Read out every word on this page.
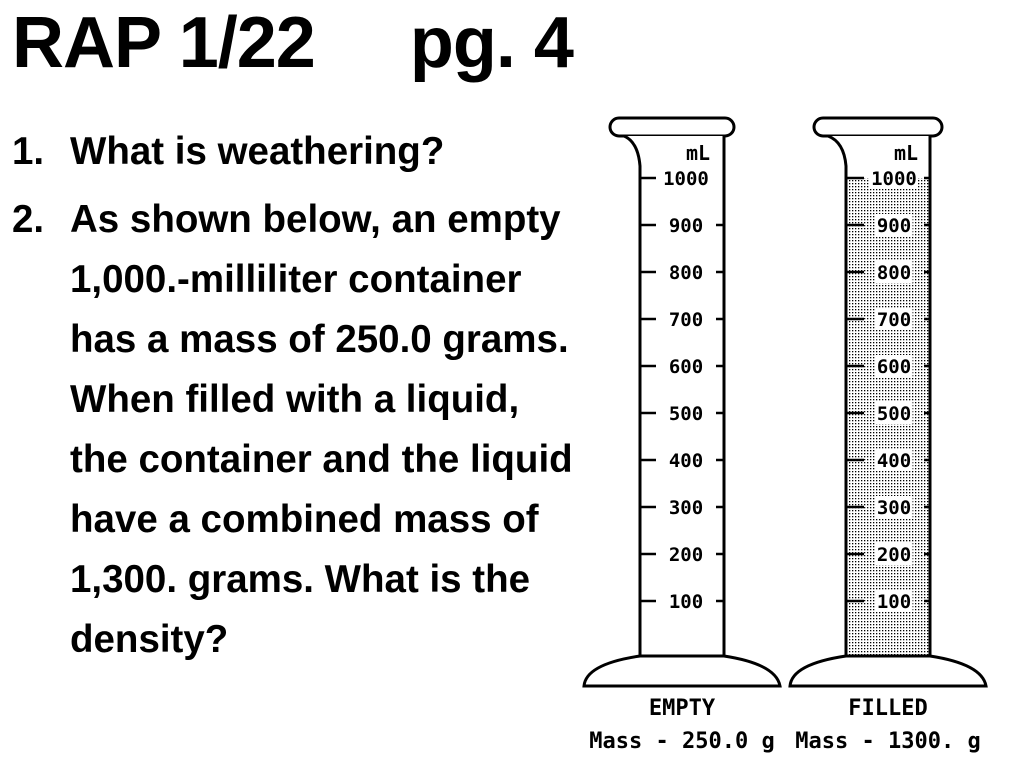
RAP 1/22     pg. 4
1. What is weathering?
2. As shown below, an empty 1,000.-milliliter container has a mass of 250.0 grams. When filled with a liquid, the container and the liquid have a combined mass of 1,300. grams. What is the density?
mL
1000
900
800
700
600
500
400
300
200
100
EMPTY
Mass - 250.0 g
mL
1000
900
800
700
600
500
400
300
200
100
FILLED
Mass - 1300. g
